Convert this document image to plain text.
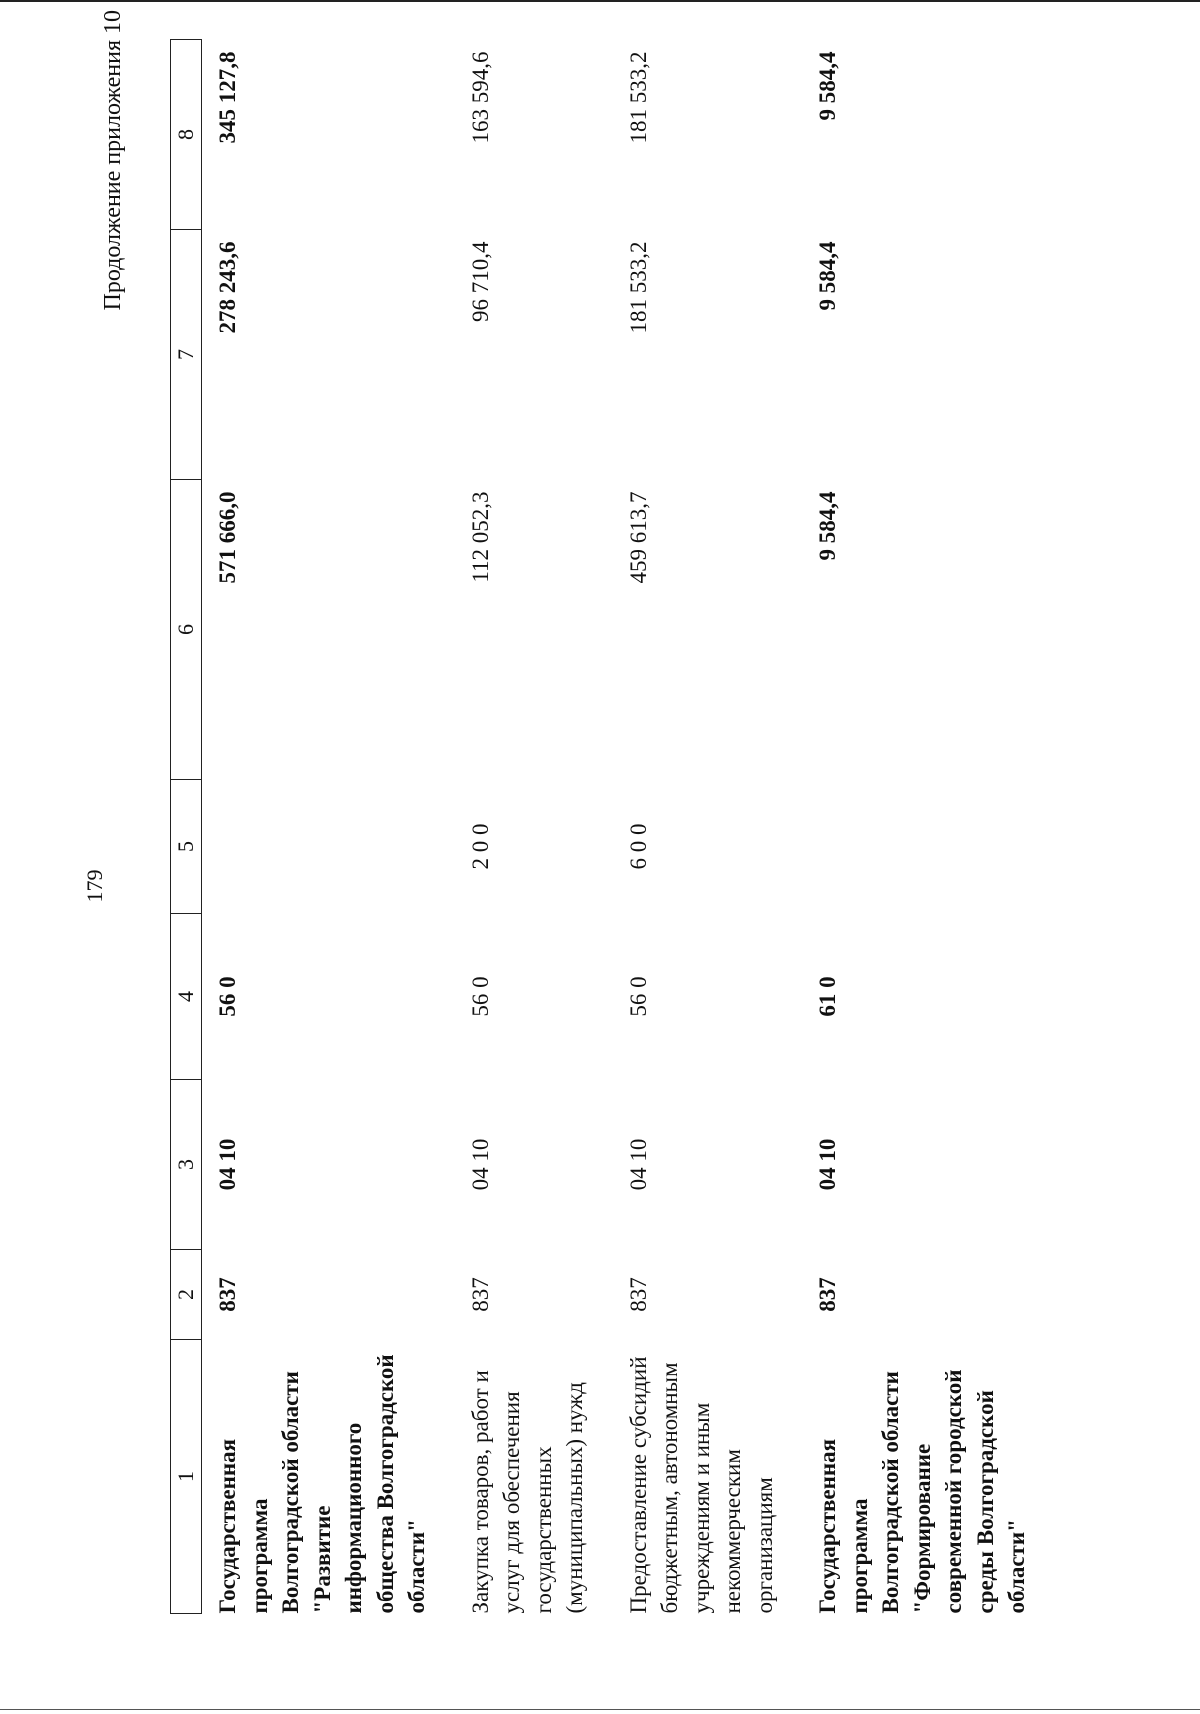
179
Продолжение приложения 10
1	2	3	4	5	6	7	8
Государственная программа Волгоградской области "Развитие информационного общества Волгоградской области"	837	04 10	56 0		571 666,0	278 243,6	345 127,8
Закупка товаров, работ и услуг для обеспечения государственных (муниципальных) нужд	837	04 10	56 0	2 0 0	112 052,3	96 710,4	163 594,6
Предоставление субсидий бюджетным, автономным учреждениям и иным некоммерческим организациям	837	04 10	56 0	6 0 0	459 613,7	181 533,2	181 533,2
Государственная программа Волгоградской области "Формирование современной городской среды Волгоградской области"	837	04 10	61 0		9 584,4	9 584,4	9 584,4
